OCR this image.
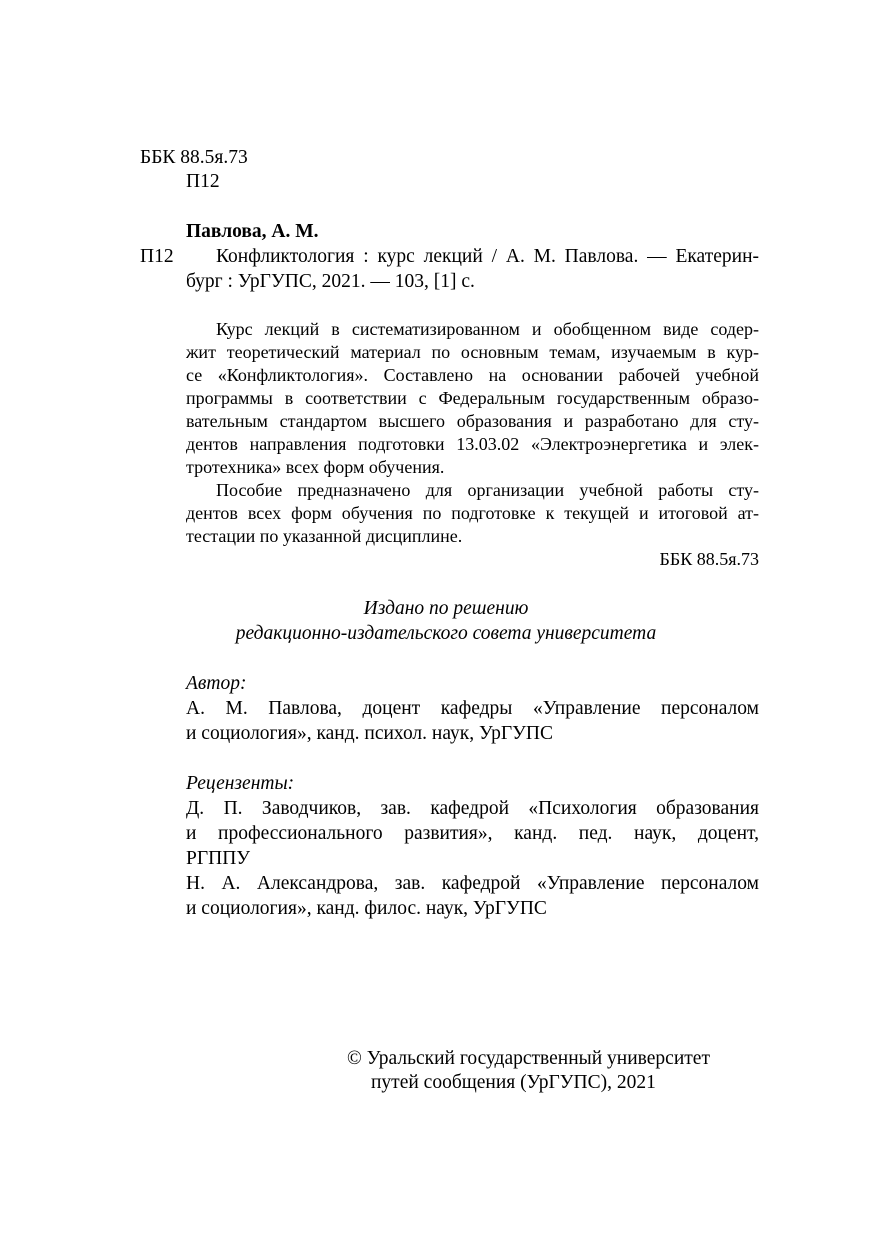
ББК 88.5я.73
П12
Павлова, А. М.
П12 Конфликтология : курс лекций / А. М. Павлова. — Екатерин-
бург : УрГУПС, 2021. — 103, [1] с.
Курс лекций в систематизированном и обобщенном виде содер-
жит теоретический материал по основным темам, изучаемым в кур-
се «Конфликтология». Составлено на основании рабочей учебной
программы в соответствии с Федеральным государственным образо-
вательным стандартом высшего образования и разработано для сту-
дентов направления подготовки 13.03.02 «Электроэнергетика и элек-
тротехника» всех форм обучения.
Пособие предназначено для организации учебной работы сту-
дентов всех форм обучения по подготовке к текущей и итоговой ат-
тестации по указанной дисциплине.
ББК 88.5я.73
Издано по решению
редакционно-издательского совета университета
Автор:
А. М. Павлова, доцент кафедры «Управление персоналом
и социология», канд. психол. наук, УрГУПС
Рецензенты:
Д. П. Заводчиков, зав. кафедрой «Психология образования
и профессионального развития», канд. пед. наук, доцент,
РГППУ
Н. А. Александрова, зав. кафедрой «Управление персоналом
и социология», канд. филос. наук, УрГУПС
© Уральский государственный университет
путей сообщения (УрГУПС), 2021
